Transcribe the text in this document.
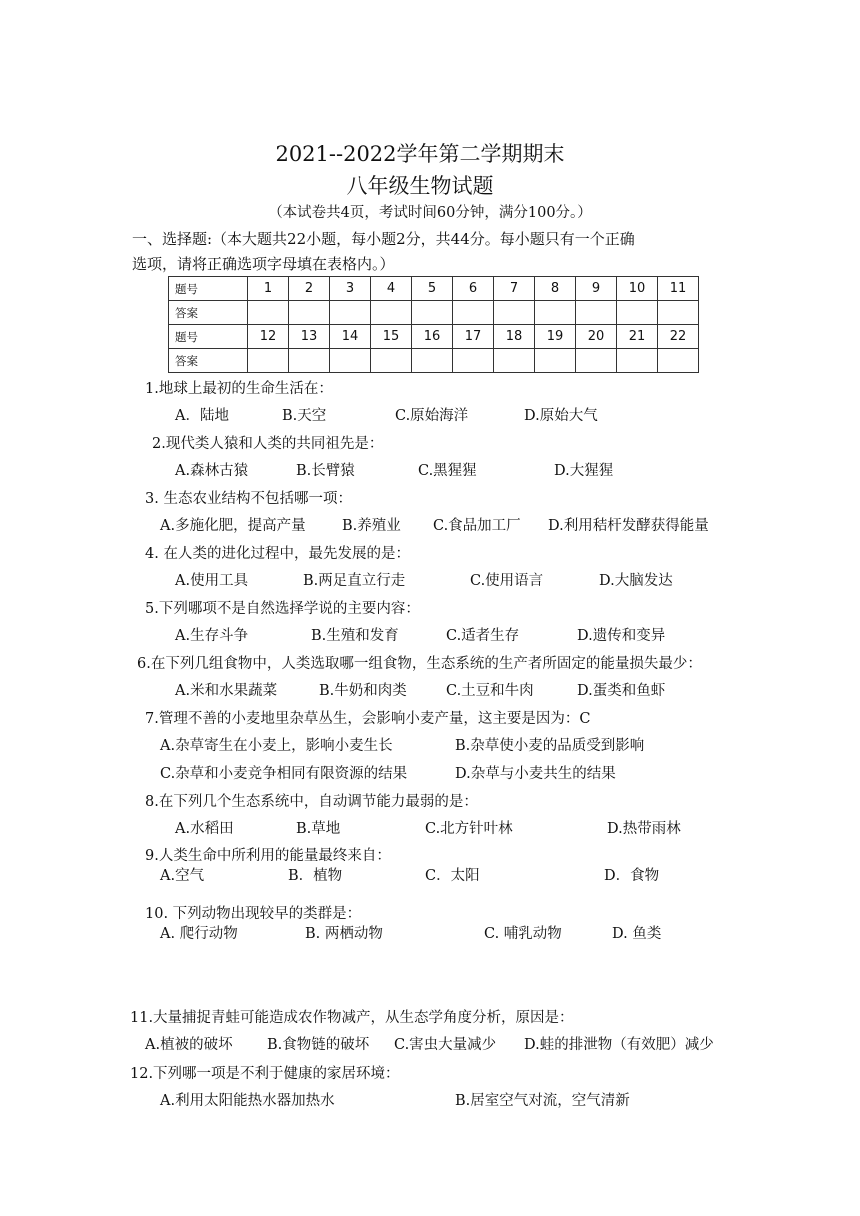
2021--2022学年第二学期期末
八年级生物试题
（本试卷共4页，考试时间60分钟，满分100分。）
一、选择题:（本大题共22小题，每小题2分，共44分。每小题只有一个正确
选项，请将正确选项字母填在表格内。）
题号	1	2	3	4	5	6	7	8	9	10	11
答案											
题号	12	13	14	15	16	17	18	19	20	21	22
答案											
1.地球上最初的生命生活在：
A．陆地	B.天空	C.原始海洋	D.原始大气
2.现代类人猿和人类的共同祖先是：
A.森林古猿	B.长臂猿	C.黑猩猩	D.大猩猩
3. 生态农业结构不包括哪一项：
A.多施化肥，提高产量	B.养殖业 C.食品加工厂 D.利用秸杆发酵获得能量
4. 在人类的进化过程中，最先发展的是：
A.使用工具	B.两足直立行走	C.使用语言	D.大脑发达
5.下列哪项不是自然选择学说的主要内容：
A.生存斗争	B.生殖和发育	C.适者生存	D.遗传和变异
6.在下列几组食物中，人类选取哪一组食物，生态系统的生产者所固定的能量损失最少：
A.米和水果蔬菜	B.牛奶和肉类	C.土豆和牛肉	D.蛋类和鱼虾
7.管理不善的小麦地里杂草丛生，会影响小麦产量，这主要是因为：C
A.杂草寄生在小麦上，影响小麦生长	B.杂草使小麦的品质受到影响
C.杂草和小麦竞争相同有限资源的结果	D.杂草与小麦共生的结果
8.在下列几个生态系统中，自动调节能力最弱的是：
A.水稻田	B.草地	C.北方针叶林	D.热带雨林
9.人类生命中所利用的能量最终来自：
A.空气	B．植物	C．太阳	D．食物
10. 下列动物出现较早的类群是：
A. 爬行动物	B. 两栖动物	C. 哺乳动物	D. 鱼类
11.大量捕捉青蛙可能造成农作物减产，从生态学角度分析，原因是：
A.植被的破坏 B.食物链的破坏 C.害虫大量减少 D.蛙的排泄物（有效肥）减少
12.下列哪一项是不利于健康的家居环境：
A.利用太阳能热水器加热水	B.居室空气对流，空气清新
